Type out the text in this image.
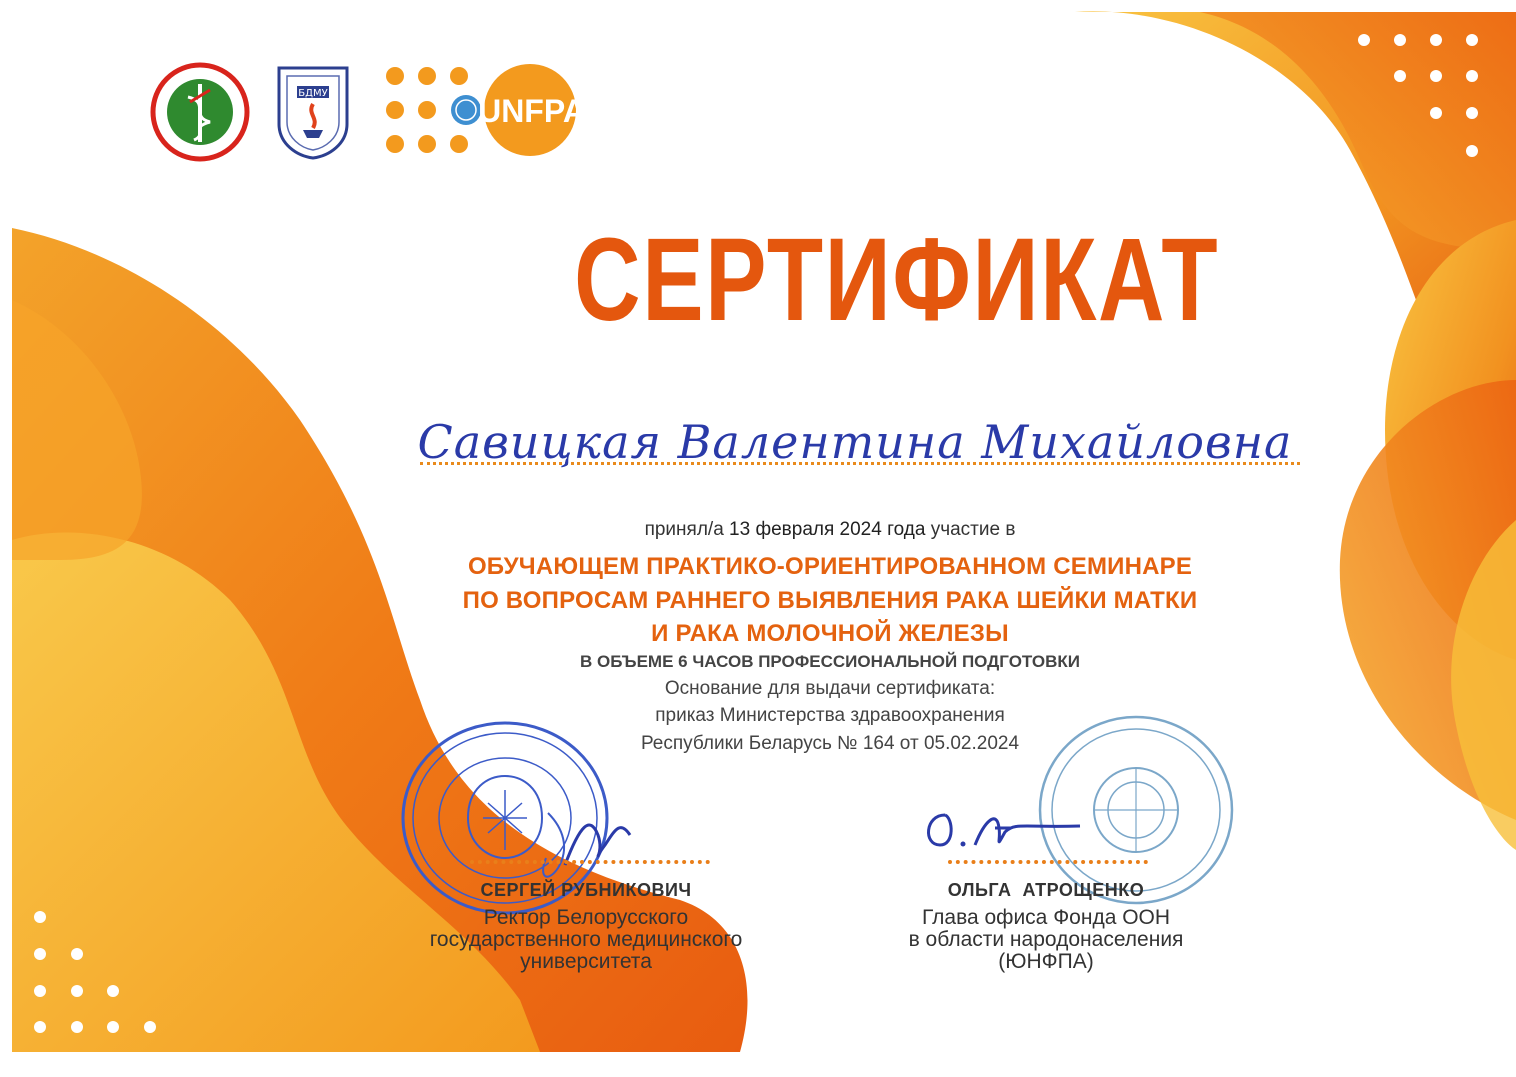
БДМУ	UNFPA
СЕРТИФИКАТ
Савицкая Валентина Михайловна
принял/а 13 февраля 2024 года участие в
ОБУЧАЮЩЕМ ПРАКТИКО-ОРИЕНТИРОВАННОМ СЕМИНАРЕ
ПО ВОПРОСАМ РАННЕГО ВЫЯВЛЕНИЯ РАКА ШЕЙКИ МАТКИ
И РАКА МОЛОЧНОЙ ЖЕЛЕЗЫ
В ОБЪЕМЕ 6 ЧАСОВ ПРОФЕССИОНАЛЬНОЙ ПОДГОТОВКИ
Основание для выдачи сертификата:
приказ Министерства здравоохранения
Республики Беларусь № 164 от 05.02.2024
СЕРГЕЙ РУБНИКОВИЧ
Ректор Белорусского
государственного медицинского
университета
ОЛЬГА  АТРОЩЕНКО
Глава офиса Фонда ООН
в области народонаселения
(ЮНФПА)
